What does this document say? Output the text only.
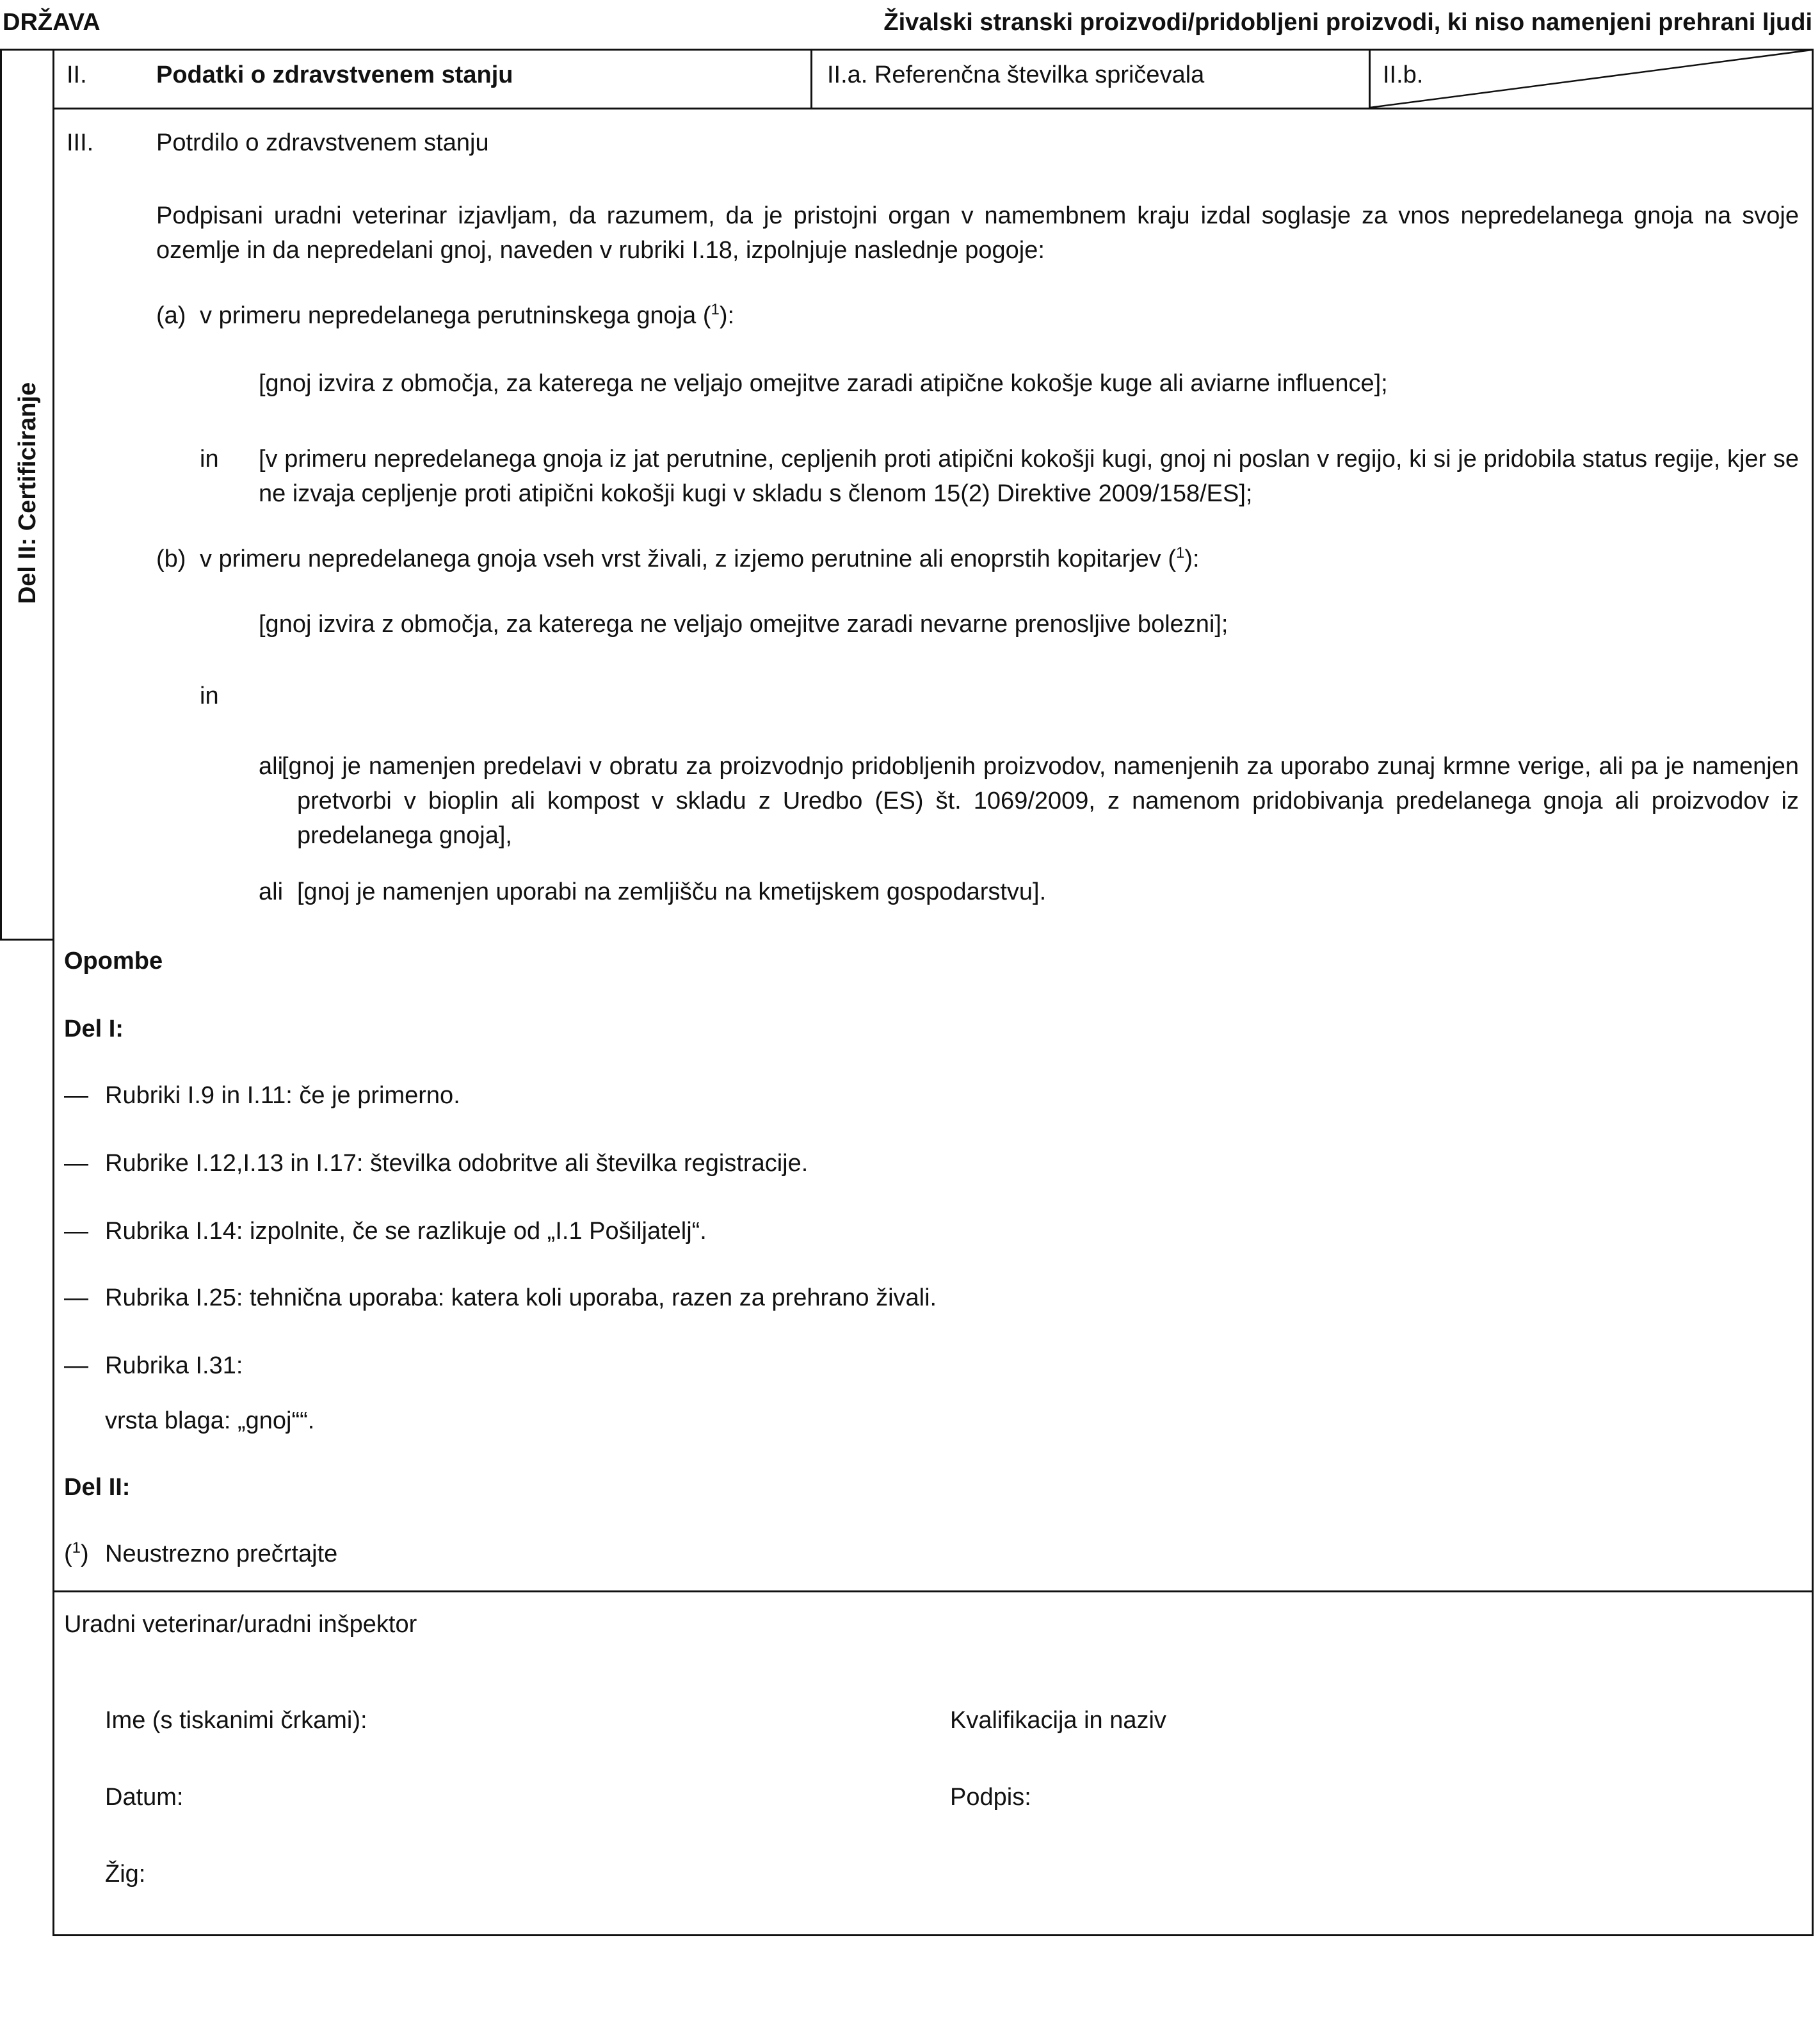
DRŽAVA	Živalski stranski proizvodi/pridobljeni proizvodi, ki niso namenjeni prehrani ljudi
Del II: Certificiranje
II.	Podatki o zdravstvenem stanju	II.a. Referenčna številka spričevala	II.b.
III.	Potrdilo o zdravstvenem stanju
Podpisani uradni veterinar izjavljam, da razumem, da je pristojni organ v namembnem kraju izdal soglasje za vnos nepredelanega gnoja na svoje ozemlje in da nepredelani gnoj, naveden v rubriki I.18, izpolnjuje naslednje pogoje:
(a) v primeru nepredelanega perutninskega gnoja ($^1$):
[gnoj izvira z območja, za katerega ne veljajo omejitve zaradi atipične kokošje kuge ali aviarne influence];
in [v primeru nepredelanega gnoja iz jat perutnine, cepljenih proti atipični kokošji kugi, gnoj ni poslan v regijo, ki si je pridobila status regije, kjer se ne izvaja cepljenje proti atipični kokošji kugi v skladu s členom 15(2) Direktive 2009/158/ES];
(b) v primeru nepredelanega gnoja vseh vrst živali, z izjemo perutnine ali enoprstih kopitarjev ($^1$):
[gnoj izvira z območja, za katerega ne veljajo omejitve zaradi nevarne prenosljive bolezni];
in
ali
[gnoj je namenjen predelavi v obratu za proizvodnjo pridobljenih proizvodov, namenjenih za uporabo zunaj krmne verige, ali pa je namenjen pretvorbi v bioplin ali kompost v skladu z Uredbo (ES) št. 1069/2009, z namenom pridobivanja predelanega gnoja ali proizvodov iz predelanega gnoja],
ali [gnoj je namenjen uporabi na zemljišču na kmetijskem gospodarstvu].
Opombe
Del I:
— Rubriki I.9 in I.11: če je primerno.
— Rubrike I.12,I.13 in I.17: številka odobritve ali številka registracije.
— Rubrika I.14: izpolnite, če se razlikuje od „I.1 Pošiljatelj“.
— Rubrika I.25: tehnična uporaba: katera koli uporaba, razen za prehrano živali.
— Rubrika I.31:
vrsta blaga: „gnoj““.
Del II:
($^1$) Neustrezno prečrtajte
Uradni veterinar/uradni inšpektor
Ime (s tiskanimi črkami):	Kvalifikacija in naziv
Datum:	Podpis:
Žig:
